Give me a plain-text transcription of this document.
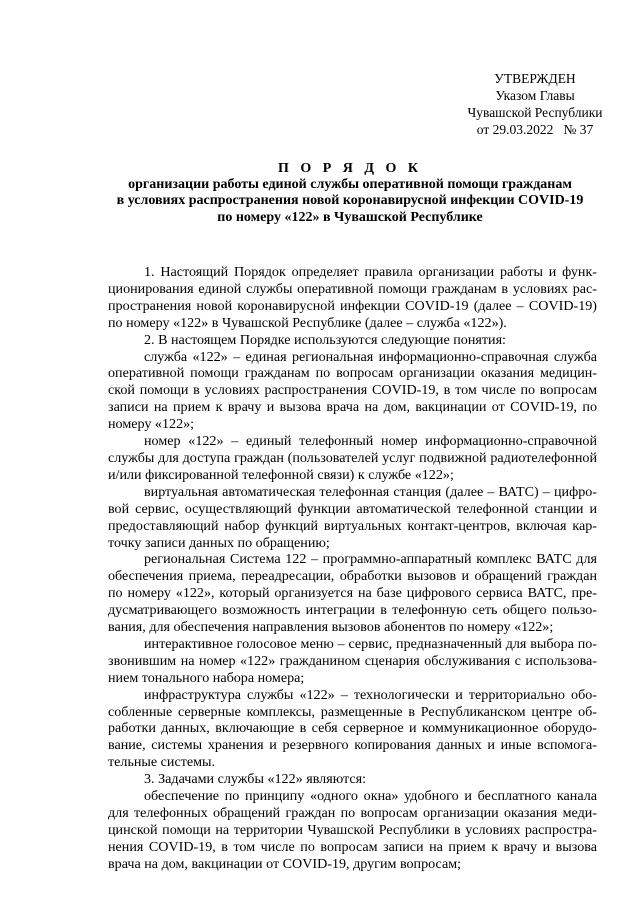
УТВЕРЖДЕН
Указом Главы
Чувашской Республики
от 29.03.2022   № 37

П О Р Я Д О К

организации работы единой службы оперативной помощи гражданам

в условиях распространения новой коронавирусной инфекции COVID-19

по номеру «122» в Чувашской Республике

1. Настоящий Порядок определяет правила организации работы и функционирования единой службы оперативной помощи гражданам в условиях распространения новой коронавирусной инфекции COVID-19 (далее – COVID-19) по номеру «122» в Чувашской Республике (далее – служба «122»).

2. В настоящем Порядке используются следующие понятия:

служба «122» – единая региональная информационно-справочная служба оперативной помощи гражданам по вопросам организации оказания медицинской помощи в условиях распространения COVID-19, в том числе по вопросам записи на прием к врачу и вызова врача на дом, вакцинации от COVID-19, по номеру «122»;

номер «122» – единый телефонный номер информационно-справочной службы для доступа граждан (пользователей услуг подвижной радиотелефонной и/или фиксированной телефонной связи) к службе «122»;

виртуальная автоматическая телефонная станция (далее – ВАТС) – цифровой сервис, осуществляющий функции автоматической телефонной станции и предоставляющий набор функций виртуальных контакт-центров, включая карточку записи данных по обращению;

региональная Система 122 – программно-аппаратный комплекс ВАТС для обеспечения приема, переадресации, обработки вызовов и обращений граждан по номеру «122», который организуется на базе цифрового сервиса ВАТС, предусматривающего возможность интеграции в телефонную сеть общего пользования, для обеспечения направления вызовов абонентов по номеру «122»;

интерактивное голосовое меню – сервис, предназначенный для выбора позвонившим на номер «122» гражданином сценария обслуживания с использованием тонального набора номера;

инфраструктура службы «122» – технологически и территориально обособленные серверные комплексы, размещенные в Республиканском центре обработки данных, включающие в себя серверное и коммуникационное оборудование, системы хранения и резервного копирования данных и иные вспомогательные системы.

3. Задачами службы «122» являются:

обеспечение по принципу «одного окна» удобного и бесплатного канала для телефонных обращений граждан по вопросам организации оказания медицинской помощи на территории Чувашской Республики в условиях распространения COVID-19, в том числе по вопросам записи на прием к врачу и вызова врача на дом, вакцинации от COVID-19, другим вопросам;
